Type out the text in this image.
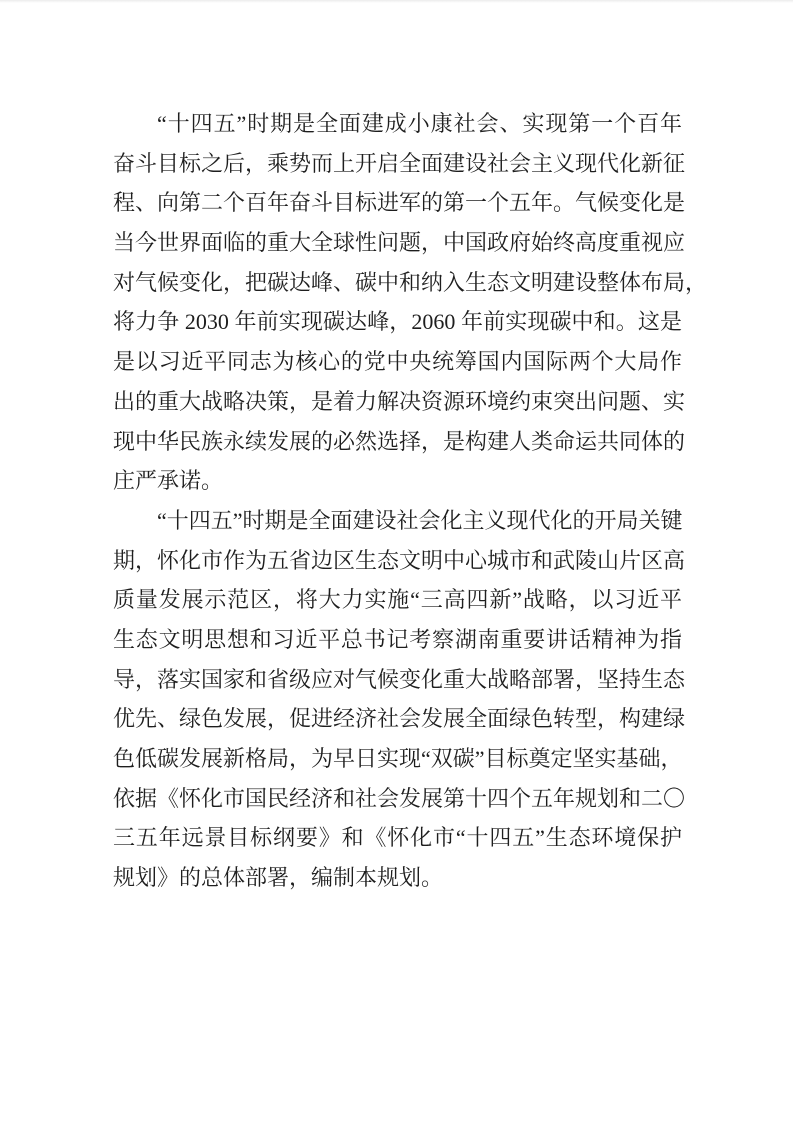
“十四五”时期是全面建成小康社会、实现第一个百年
奋斗目标之后，乘势而上开启全面建设社会主义现代化新征
程、向第二个百年奋斗目标进军的第一个五年。气候变化是
当今世界面临的重大全球性问题，中国政府始终高度重视应
对气候变化，把碳达峰、碳中和纳入生态文明建设整体布局，
将力争 2030 年前实现碳达峰，2060 年前实现碳中和。这是
是以习近平同志为核心的党中央统筹国内国际两个大局作
出的重大战略决策，是着力解决资源环境约束突出问题、实
现中华民族永续发展的必然选择，是构建人类命运共同体的
庄严承诺。
“十四五”时期是全面建设社会化主义现代化的开局关键
期，怀化市作为五省边区生态文明中心城市和武陵山片区高
质量发展示范区，将大力实施“三高四新”战略，以习近平
生态文明思想和习近平总书记考察湖南重要讲话精神为指
导，落实国家和省级应对气候变化重大战略部署，坚持生态
优先、绿色发展，促进经济社会发展全面绿色转型，构建绿
色低碳发展新格局，为早日实现“双碳”目标奠定坚实基础，
依据《怀化市国民经济和社会发展第十四个五年规划和二〇
三五年远景目标纲要》和《怀化市“十四五”生态环境保护
规划》的总体部署，编制本规划。
